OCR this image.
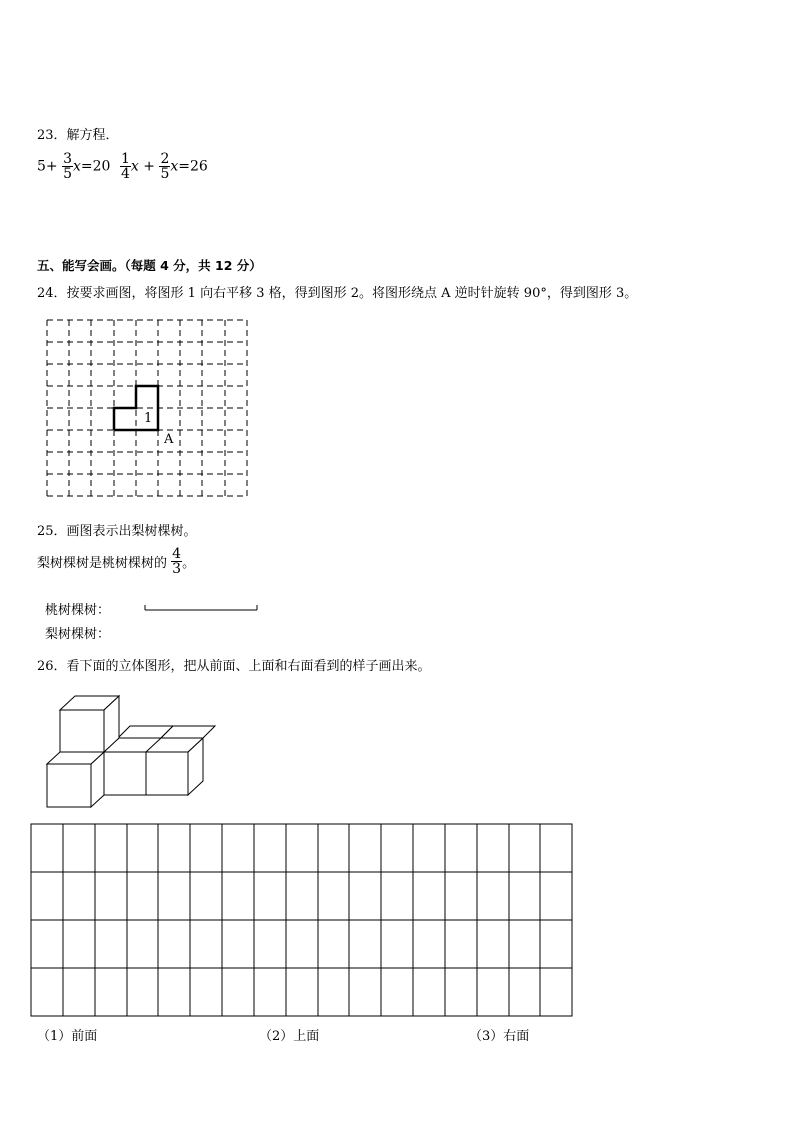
23．解方程．
$5+ \frac{3}{5} x=20 \frac{1}{4}$ $x + \frac{2}{5} x=26$
五、能写会画。（每题 4 分，共 12 分）
24．按要求画图，将图形 1 向右平移 3 格，得到图形 2。将图形绕点 A 逆时针旋转 90°，得到图形 3。
1
A
25．画图表示出梨树棵树。
梨树棵树是桃树棵树的 $\frac{4}{3}$ 。
桃树棵树：
梨树棵树：
26．看下面的立体图形，把从前面、上面和右面看到的样子画出来。
（1）前面	（2）上面	（3）右面
